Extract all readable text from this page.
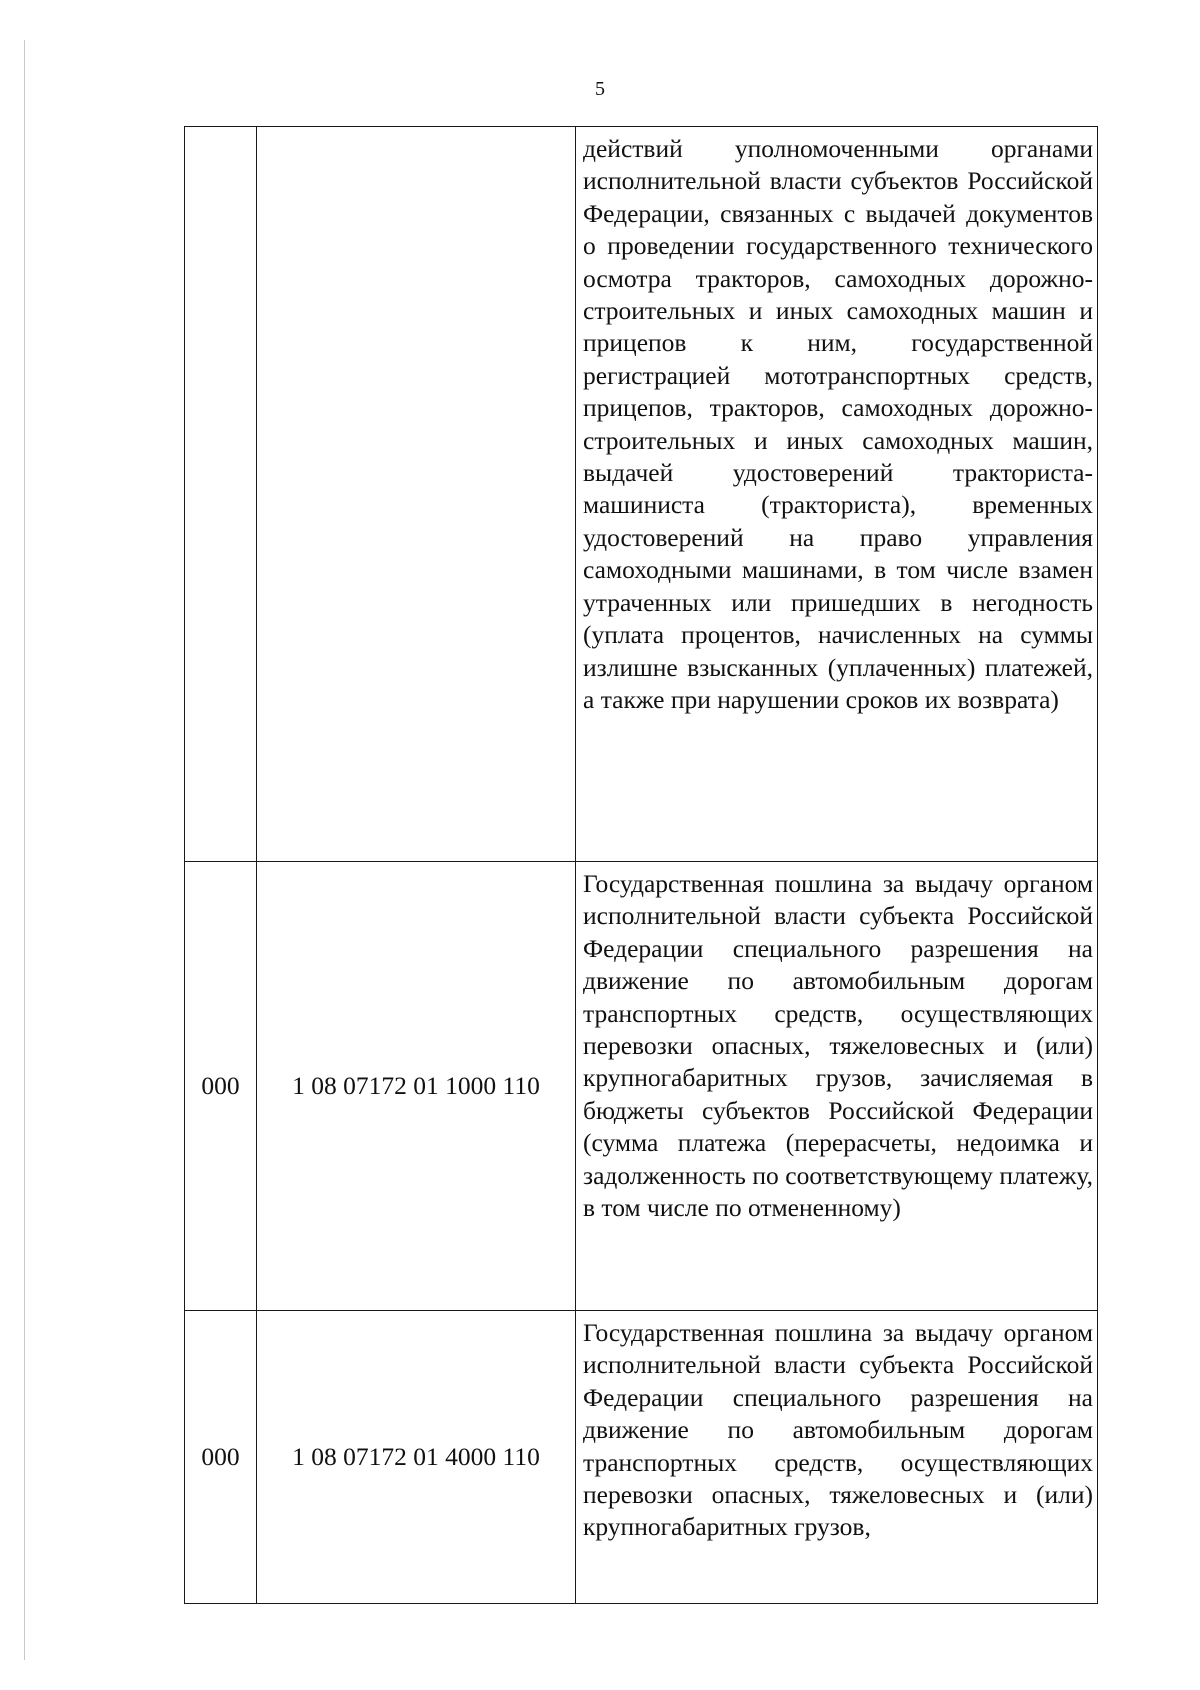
5
		действий уполномоченными органами исполнительной власти субъектов Российской Федерации, связанных с выдачей документов о проведении государственного технического осмотра тракторов, самоходных дорожно-строительных и иных самоходных машин и прицепов к ним, государственной регистрацией мототранспортных средств, прицепов, тракторов, самоходных дорожно-строительных и иных самоходных машин, выдачей удостоверений тракториста-машиниста (тракториста), временных удостоверений на право управления самоходными машинами, в том числе взамен утраченных или пришедших в негодность (уплата процентов, начисленных на суммы излишне взысканных (уплаченных) платежей, а также при нарушении сроков их возврата)
000	1 08 07172 01 1000 110	Государственная пошлина за выдачу органом исполнительной власти субъекта Российской Федерации специального разрешения на движение по автомобильным дорогам транспортных средств, осуществляющих перевозки опасных, тяжеловесных и (или) крупногабаритных грузов, зачисляемая в бюджеты субъектов Российской Федерации (сумма платежа (перерасчеты, недоимка и задолженность по соответствующему платежу, в том числе по отмененному)
000	1 08 07172 01 4000 110	Государственная пошлина за выдачу органом исполнительной власти субъекта Российской Федерации специального разрешения на движение по автомобильным дорогам транспортных средств, осуществляющих перевозки опасных, тяжеловесных и (или) крупногабаритных грузов,
